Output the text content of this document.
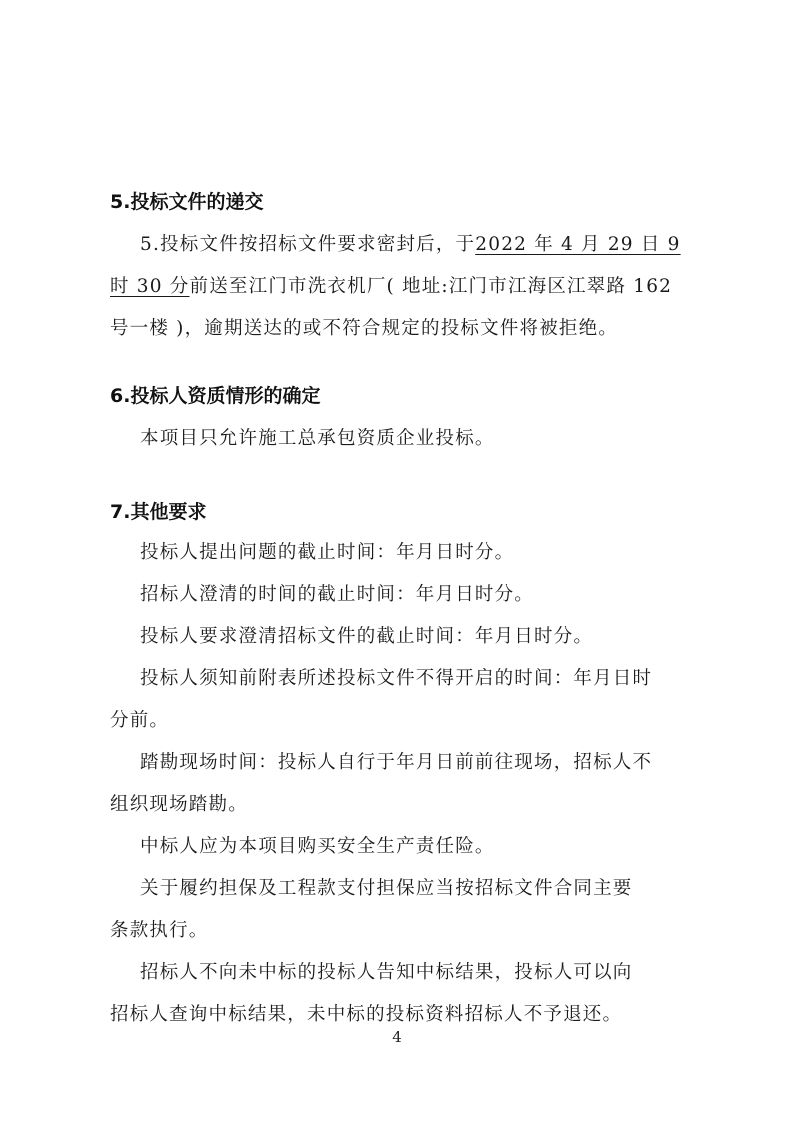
5.投标文件的递交
5.投标文件按招标文件要求密封后，于2022 年 4 月 29 日 9
时 30 分前送至江门市洗衣机厂( 地址:江门市江海区江翠路 162
号一楼 )，逾期送达的或不符合规定的投标文件将被拒绝。
6.投标人资质情形的确定
本项目只允许施工总承包资质企业投标。
7.其他要求
投标人提出问题的截止时间：年月日时分。
招标人澄清的时间的截止时间：年月日时分。
投标人要求澄清招标文件的截止时间：年月日时分。
投标人须知前附表所述投标文件不得开启的时间：年月日时
分前。
踏勘现场时间：投标人自行于年月日前前往现场，招标人不
组织现场踏勘。
中标人应为本项目购买安全生产责任险。
关于履约担保及工程款支付担保应当按招标文件合同主要
条款执行。
招标人不向未中标的投标人告知中标结果，投标人可以向
招标人查询中标结果，未中标的投标资料招标人不予退还。
4
